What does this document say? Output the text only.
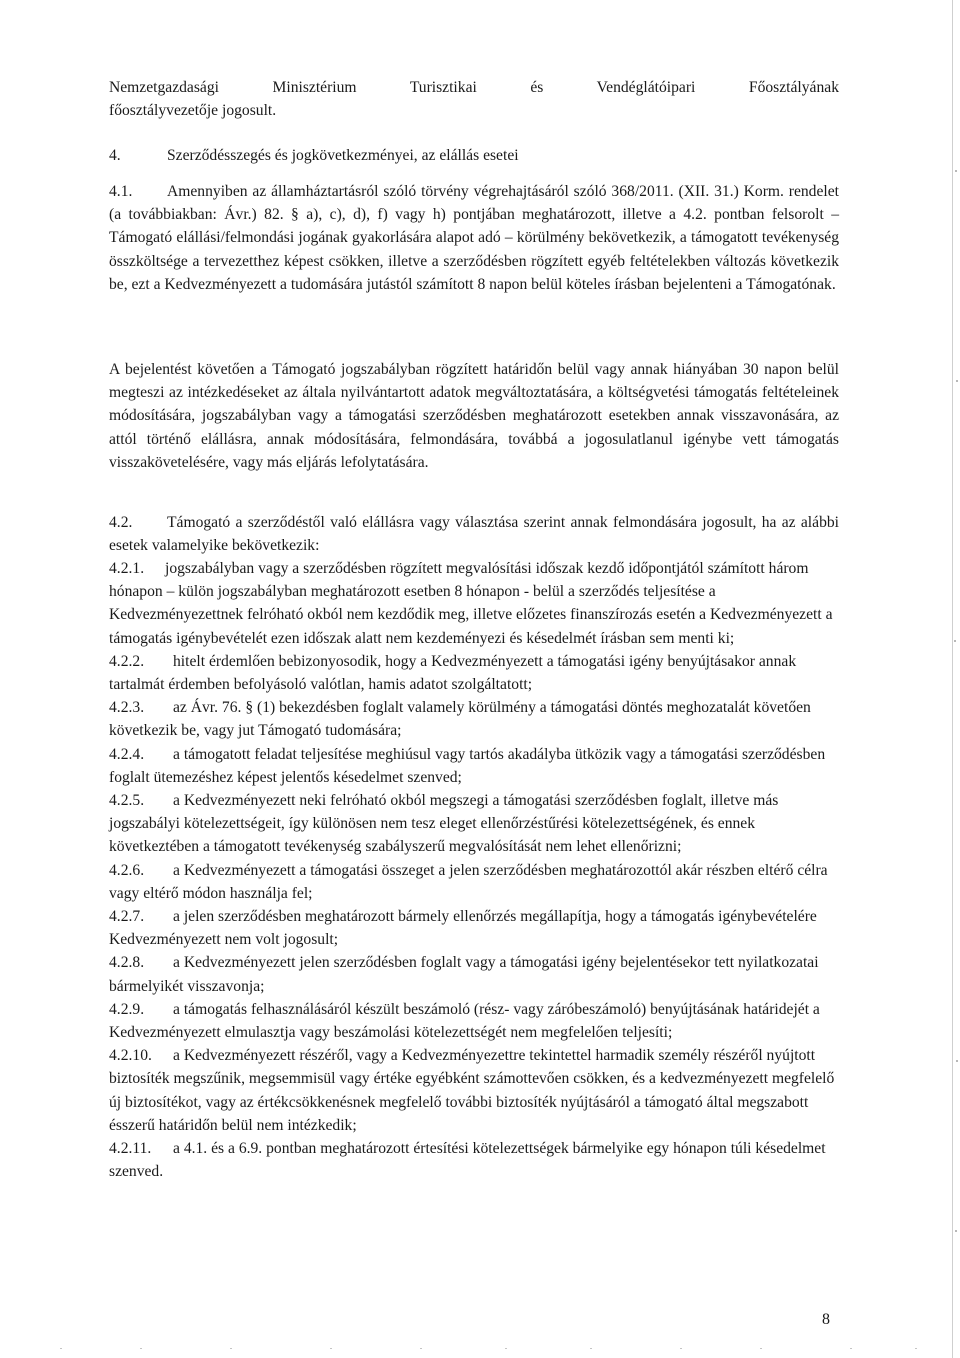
Nemzetgazdasági Minisztérium Turisztikai és Vendéglátóipari Főosztályának
főosztályvezetője jogosult.
4.	Szerződésszegés és jogkövetkezményei, az elállás esetei
4.1. Amennyiben az államháztartásról szóló törvény végrehajtásáról szóló 368/2011. (XII. 31.) Korm. rendelet (a továbbiakban: Ávr.) 82. § a), c), d), f) vagy h) pontjában meghatározott, illetve a 4.2. pontban felsorolt – Támogató elállási/felmondási jogának gyakorlására alapot adó – körülmény bekövetkezik, a támogatott tevékenység összköltsége a tervezetthez képest csökken, illetve a szerződésben rögzített egyéb feltételekben változás következik be, ezt a Kedvezményezett a tudomására jutástól számított 8 napon belül köteles írásban bejelenteni a Támogatónak.
A bejelentést követően a Támogató jogszabályban rögzített határidőn belül vagy annak hiányában 30 napon belül megteszi az intézkedéseket az általa nyilvántartott adatok megváltoztatására, a költségvetési támogatás feltételeinek módosítására, jogszabályban vagy a támogatási szerződésben meghatározott esetekben annak visszavonására, az attól történő elállásra, annak módosítására, felmondására, továbbá a jogosulatlanul igénybe vett támogatás visszakövetelésére, vagy más eljárás lefolytatására.
4.2. Támogató a szerződéstől való elállásra vagy választása szerint annak felmondására jogosult, ha az alábbi esetek valamelyike bekövetkezik:

4.2.1. jogszabályban vagy a szerződésben rögzített megvalósítási időszak kezdő időpontjától számított három hónapon – külön jogszabályban meghatározott esetben 8 hónapon - belül a szerződés teljesítése a Kedvezményezettnek felróható okból nem kezdődik meg, illetve előzetes finanszírozás esetén a Kedvezményezett a támogatás igénybevételét ezen időszak alatt nem kezdeményezi és késedelmét írásban sem menti ki;

4.2.2. hitelt érdemlően bebizonyosodik, hogy a Kedvezményezett a támogatási igény benyújtásakor annak tartalmát érdemben befolyásoló valótlan, hamis adatot szolgáltatott;

4.2.3. az Ávr. 76. § (1) bekezdésben foglalt valamely körülmény a támogatási döntés meghozatalát követően következik be, vagy jut Támogató tudomására;

4.2.4. a támogatott feladat teljesítése meghiúsul vagy tartós akadályba ütközik vagy a támogatási szerződésben foglalt ütemezéshez képest jelentős késedelmet szenved;

4.2.5. a Kedvezményezett neki felróható okból megszegi a támogatási szerződésben foglalt, illetve más jogszabályi kötelezettségeit, így különösen nem tesz eleget ellenőrzéstűrési kötelezettségének, és ennek következtében a támogatott tevékenység szabályszerű megvalósítását nem lehet ellenőrizni;

4.2.6. a Kedvezményezett a támogatási összeget a jelen szerződésben meghatározottól akár részben eltérő célra vagy eltérő módon használja fel;

4.2.7. a jelen szerződésben meghatározott bármely ellenőrzés megállapítja, hogy a támogatás igénybevételére Kedvezményezett nem volt jogosult;

4.2.8. a Kedvezményezett jelen szerződésben foglalt vagy a támogatási igény bejelentésekor tett nyilatkozatai bármelyikét visszavonja;

4.2.9. a támogatás felhasználásáról készült beszámoló (rész- vagy záróbeszámoló) benyújtásának határidejét a Kedvezményezett elmulasztja vagy beszámolási kötelezettségét nem megfelelően teljesíti;

4.2.10. a Kedvezményezett részéről, vagy a Kedvezményezettre tekintettel harmadik személy részéről nyújtott biztosíték megszűnik, megsemmisül vagy értéke egyébként számottevően csökken, és a kedvezményezett megfelelő új biztosítékot, vagy az értékcsökkenésnek megfelelő további biztosíték nyújtásáról a támogató által megszabott ésszerű határidőn belül nem intézkedik;

4.2.11. a 4.1. és a 6.9. pontban meghatározott értesítési kötelezettségek bármelyike egy hónapon túli késedelmet szenved.

8
